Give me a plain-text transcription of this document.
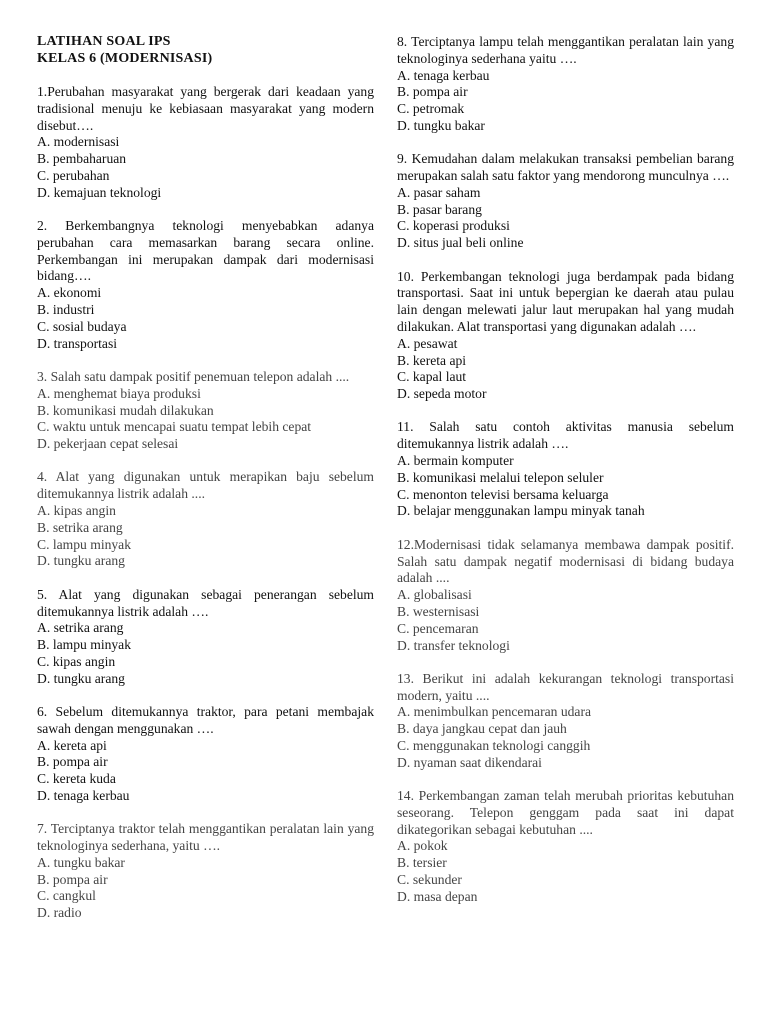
LATIHAN SOAL IPS
KELAS 6 (MODERNISASI)
1.Perubahan masyarakat yang bergerak dari keadaan yang tradisional menuju ke kebiasaan masyarakat yang modern disebut….
A. modernisasi
B. pembaharuan
C. perubahan
D. kemajuan teknologi
2. Berkembangnya teknologi menyebabkan adanya perubahan cara memasarkan barang secara online. Perkembangan ini merupakan dampak dari modernisasi bidang….
A. ekonomi
B. industri
C. sosial budaya
D. transportasi
3. Salah satu dampak positif penemuan telepon adalah ....
A. menghemat biaya produksi
B. komunikasi mudah dilakukan
C. waktu untuk mencapai suatu tempat lebih cepat
D. pekerjaan cepat selesai
4. Alat yang digunakan untuk merapikan baju sebelum ditemukannya listrik adalah ....
A. kipas angin
B. setrika arang
C. lampu minyak
D. tungku arang
5. Alat yang digunakan sebagai penerangan sebelum ditemukannya listrik adalah ….
A. setrika arang
B. lampu minyak
C. kipas angin
D. tungku arang
6. Sebelum ditemukannya traktor, para petani membajak sawah dengan menggunakan ….
A. kereta api
B. pompa air
C. kereta kuda
D. tenaga kerbau
7. Terciptanya traktor telah menggantikan peralatan lain yang teknologinya sederhana, yaitu ….
A. tungku bakar
B. pompa air
C. cangkul
D. radio
8. Terciptanya lampu telah menggantikan peralatan lain yang teknologinya sederhana yaitu ….
A. tenaga kerbau
B. pompa air
C. petromak
D. tungku bakar
9. Kemudahan dalam melakukan transaksi pembelian barang merupakan salah satu faktor yang mendorong munculnya ….
A. pasar saham
B. pasar barang
C. koperasi produksi
D. situs jual beli online
10. Perkembangan teknologi juga berdampak pada bidang transportasi. Saat ini untuk bepergian ke daerah atau pulau lain dengan melewati jalur laut merupakan hal yang mudah dilakukan. Alat transportasi yang digunakan adalah ….
A. pesawat
B. kereta api
C. kapal laut
D. sepeda motor
11. Salah satu contoh aktivitas manusia sebelum ditemukannya listrik adalah ….
A. bermain komputer
B. komunikasi melalui telepon seluler
C. menonton televisi bersama keluarga
D. belajar menggunakan lampu minyak tanah
12.Modernisasi tidak selamanya membawa dampak positif. Salah satu dampak negatif modernisasi di bidang budaya adalah ....
A. globalisasi
B. westernisasi
C. pencemaran
D. transfer teknologi
13. Berikut ini adalah kekurangan teknologi transportasi modern, yaitu ....
A. menimbulkan pencemaran udara
B. daya jangkau cepat dan jauh
C. menggunakan teknologi canggih
D. nyaman saat dikendarai
14. Perkembangan zaman telah merubah prioritas kebutuhan seseorang. Telepon genggam pada saat ini dapat dikategorikan sebagai kebutuhan ....
A. pokok
B. tersier
C. sekunder
D. masa depan
